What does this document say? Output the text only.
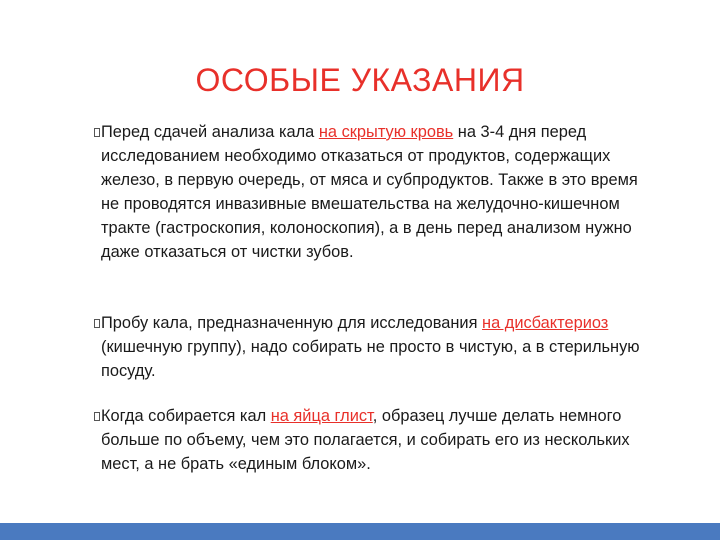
ОСОБЫЕ УКАЗАНИЯ
Перед сдачей анализа кала на скрытую кровь на 3-4 дня перед исследованием необходимо отказаться от продуктов, содержащих железо, в первую очередь, от мяса и субпродуктов. Также в это время не проводятся инвазивные вмешательства на желудочно-кишечном тракте (гастроскопия, колоноскопия), а в день перед анализом нужно даже отказаться от чистки зубов.
Пробу кала, предназначенную для исследования на дисбактериоз (кишечную группу), надо собирать не просто в чистую, а в стерильную посуду.
Когда собирается кал на яйца глист, образец лучше делать немного больше по объему, чем это полагается, и собирать его из нескольких мест, а не брать «единым блоком».
